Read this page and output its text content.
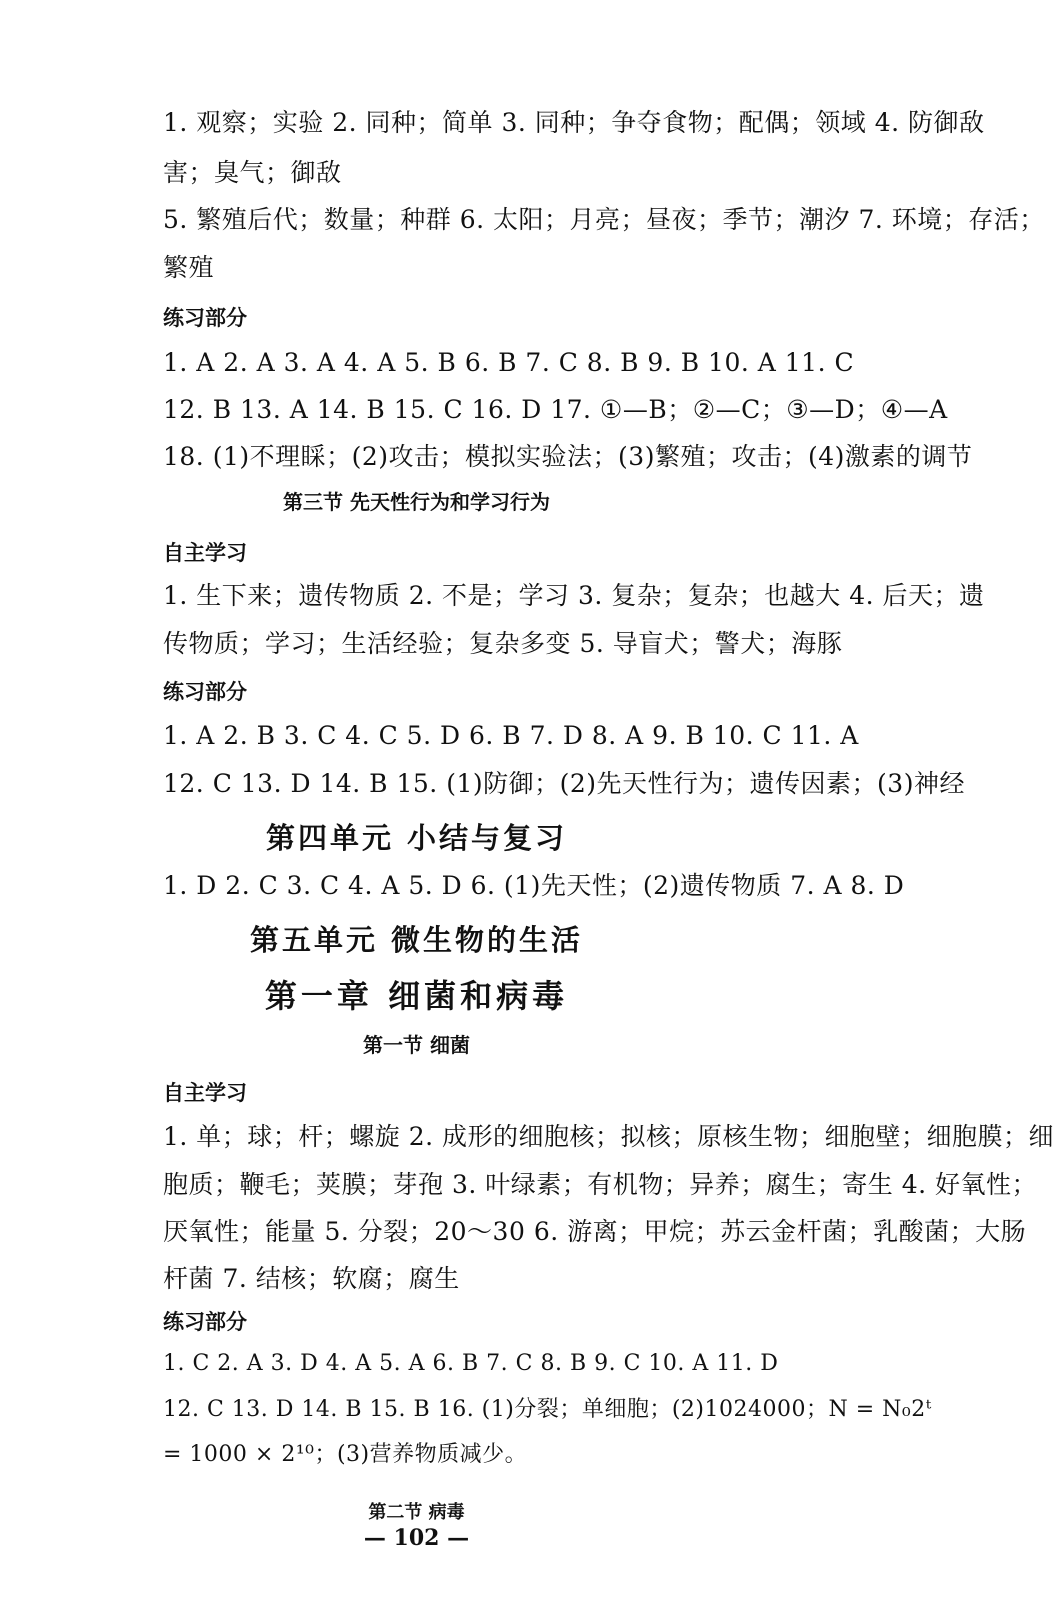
1. 观察；实验 2. 同种；简单 3. 同种；争夺食物；配偶；领域 4. 防御敌
害；臭气；御敌
5. 繁殖后代；数量；种群 6. 太阳；月亮；昼夜；季节；潮汐 7. 环境；存活；
繁殖
练习部分
1. A 2. A 3. A 4. A 5. B 6. B 7. C 8. B 9. B 10. A 11. C
12. B 13. A 14. B 15. C 16. D 17. ①—B；②—C；③—D；④—A
18. (1)不理睬；(2)攻击；模拟实验法；(3)繁殖；攻击；(4)激素的调节
第三节 先天性行为和学习行为
自主学习
1. 生下来；遗传物质 2. 不是；学习 3. 复杂；复杂；也越大 4. 后天；遗
传物质；学习；生活经验；复杂多变 5. 导盲犬；警犬；海豚
练习部分
1. A 2. B 3. C 4. C 5. D 6. B 7. D 8. A 9. B 10. C 11. A
12. C 13. D 14. B 15. (1)防御；(2)先天性行为；遗传因素；(3)神经
第四单元 小结与复习
1. D 2. C 3. C 4. A 5. D 6. (1)先天性；(2)遗传物质 7. A 8. D
第五单元 微生物的生活
第一章 细菌和病毒
第一节 细菌
自主学习
1. 单；球；杆；螺旋 2. 成形的细胞核；拟核；原核生物；细胞壁；细胞膜；细
胞质；鞭毛；荚膜；芽孢 3. 叶绿素；有机物；异养；腐生；寄生 4. 好氧性；
厌氧性；能量 5. 分裂；20～30 6. 游离；甲烷；苏云金杆菌；乳酸菌；大肠
杆菌 7. 结核；软腐；腐生
练习部分
1. C 2. A 3. D 4. A 5. A 6. B 7. C 8. B 9. C 10. A 11. D
12. C 13. D 14. B 15. B 16. (1)分裂；单细胞；(2)1024000；N = N₀2ᵗ
= 1000 × 2¹⁰；(3)营养物质减少。
第二节 病毒
— 102 —
